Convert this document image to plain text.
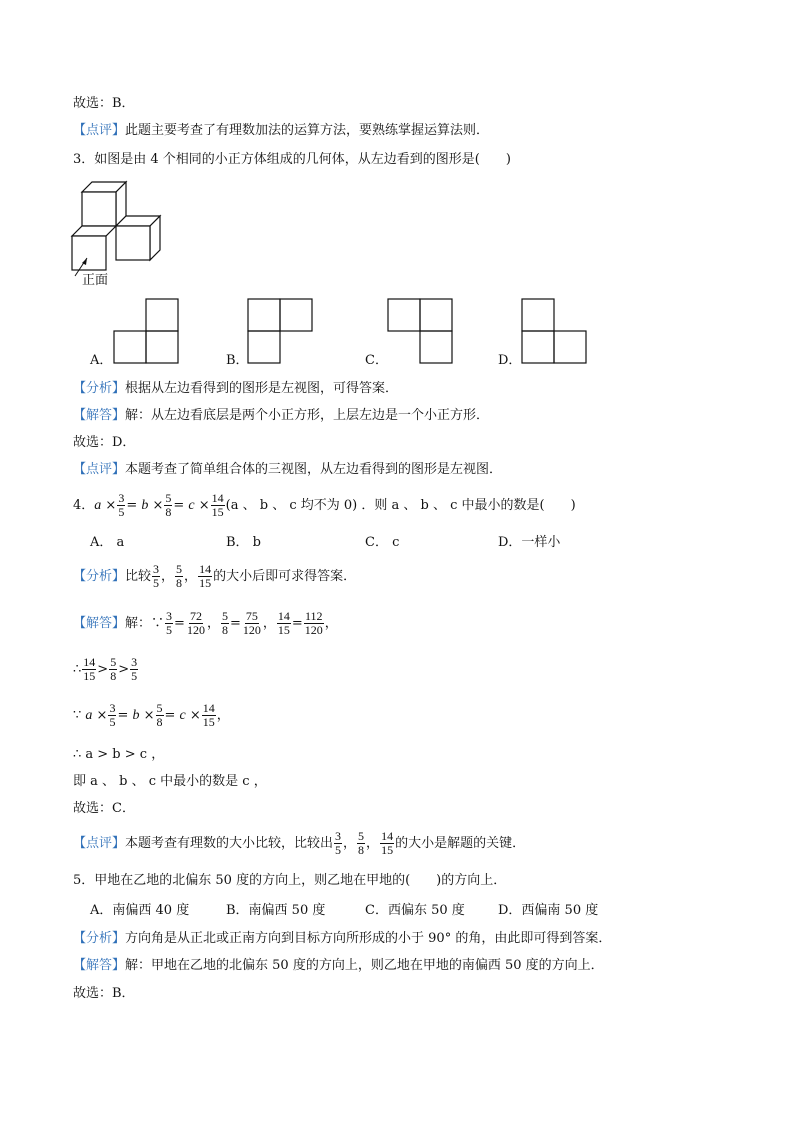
故选：B．
【点评】此题主要考查了有理数加法的运算方法，要熟练掌握运算法则．
3．如图是由 4 个相同的小正方体组成的几何体，从左边看到的图形是(　　)
正面
A．	B．	C．	D．
【分析】根据从左边看得到的图形是左视图，可得答案．
【解答】解：从左边看底层是两个小正方形，上层左边是一个小正方形．
故选：D．
【点评】本题考查了简单组合体的三视图，从左边看得到的图形是左视图．
4．$a \times \frac{3}{5} = b \times \frac{5}{8} = c \times \frac{14}{15} (a$ 、 b 、 c 均不为 0) ．则 a 、 b 、 c 中最小的数是(　　)
A． a	B． b	C． c	D．一样小
【分析】比较 $\frac{3}{5}$ ， $\frac{5}{8}$ ， $\frac{14}{15}$ 的大小后即可求得答案．
【解答】解：∵ $\frac{3}{5} = \frac{72}{120}$ ， $\frac{5}{8} = \frac{75}{120}$ ， $\frac{14}{15} = \frac{112}{120}$ ，
∴ $\frac{14}{15} > \frac{5}{8} > \frac{3}{5}$
∵ $a \times \frac{3}{5} = b \times \frac{5}{8} = c \times \frac{14}{15}$ ，
∴ a > b > c ，
即 a 、 b 、 c 中最小的数是 c ，
故选：C．
【点评】本题考查有理数的大小比较，比较出 $\frac{3}{5}$ ， $\frac{5}{8}$ ， $\frac{14}{15}$ 的大小是解题的关键．
5．甲地在乙地的北偏东 50 度的方向上，则乙地在甲地的(　　)的方向上．
A．南偏西 40 度	B．南偏西 50 度	C．西偏东 50 度	D．西偏南 50 度
【分析】方向角是从正北或正南方向到目标方向所形成的小于 90° 的角，由此即可得到答案．
【解答】解：甲地在乙地的北偏东 50 度的方向上，则乙地在甲地的南偏西 50 度的方向上．
故选：B．
